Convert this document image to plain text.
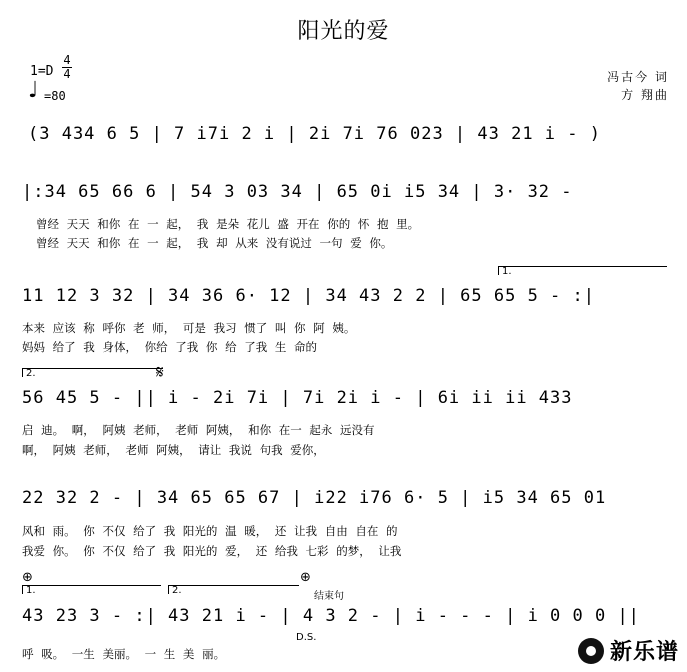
阳光的爱
1=D
4
4
♩ =80
冯古今 词
方 翔曲
(3 434 6 5 | 7 i7i 2 i | 2i 7i 76 023 | 43 21 i - )
|:34 65 66 6 | 54 3 03 34 | 65 0i i5 34 | 3· 32 -
曾经 天天 和你 在 一 起， 我 是朵 花儿 盛 开在 你的 怀 抱 里。
曾经 天天 和你 在 一 起， 我 却 从来 没有说过 一句 爱 你。
1.
11 12 3 32 | 34 36 6· 12 | 34 43 2 2 | 65 65 5 - :|
本来 应该 称 呼你 老 师， 可是 我习 惯了 叫 你 阿 姨。
妈妈 给了 我 身体， 你给 了我 你 给 了我 生 命的
2.	𝄋
56 45 5 - || i - 2i 7i | 7i 2i i - | 6i ii ii 433
启 迪。 啊， 阿姨 老师， 老师 阿姨， 和你 在一 起永 远没有
啊， 阿姨 老师， 老师 阿姨， 请让 我说 句我 爱你，
22 32 2 - | 34 65 65 67 | i22 i76 6· 5 | i5 34 65 01
风和 雨。 你 不仅 给了 我 阳光的 温 暖， 还 让我 自由 自在 的
我爱 你。 你 不仅 给了 我 阳光的 爱， 还 给我 七彩 的梦， 让我
⊕
1.	2.
⊕
结束句
43 23 3 - :| 43 21 i - | 4 3 2 - | i - - - | i 0 0 0 ||
D.S.
呼 吸。 一生 美丽。 一 生 美 丽。	新乐谱
